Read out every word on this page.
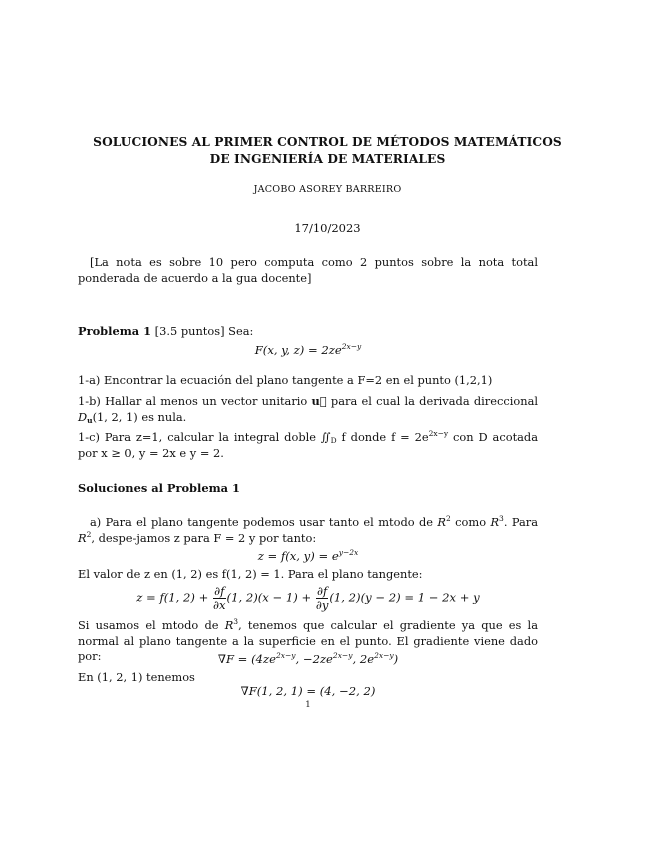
SOLUCIONES AL PRIMER CONTROL DE MÉTODOS MATEMÁTICOS
DE INGENIERÍA DE MATERIALES
JACOBO ASOREY BARREIRO
17/10/2023
[La nota es sobre 10 pero computa como 2 puntos sobre la nota total ponderada de acuerdo a la gua docente]
Problema 1 [3.5 puntos] Sea:
F(x, y, $z) = 2ze^{2x-y}$
1-a) Encontrar la ecuación del plano tangente a F=2 en el punto (1,2,1)
1-b) Hallar al menos un vector unitario u⃗ para el cual la derivada direccional $D_u(1$, 2, 1) es nula.
1-c) Para z=1, calcular la integral doble $∬_D$ f donde $f = 2e^{2x-y}$ con D acotada por x ≥ 0, y = 2x e y = 2.
Soluciones al Problema 1
a) Para el plano tangente podemos usar tanto el mtodo de $R^2$ como $R^3$. Para $R^2$, despe-jamos z para F = 2 y por tanto:
z = f(x, $y) = e^{y-2x}$
El valor de z en (1, 2) es f(1, 2) = 1. Para el plano tangente:
z = f(1, $2) + \frac{\partial f}{\partial x} (1$, $2)(x - 1) + \frac{\partial f}{\partial y} (1$, 2)(y − 2) = 1 − 2x + y
Si usamos el mtodo de $R^3$, tenemos que calcular el gradiente ya que es la normal al plano tangente a la superficie en el punto. El gradiente viene dado por:	$\nabla F = (4ze^{2x-y}$, $-2ze^{2x-y}$, $2e^{2x-y}$)
En (1, 2, 1) tenemos
∇F(1, 2, 1) = (4, −2, 2)
1
